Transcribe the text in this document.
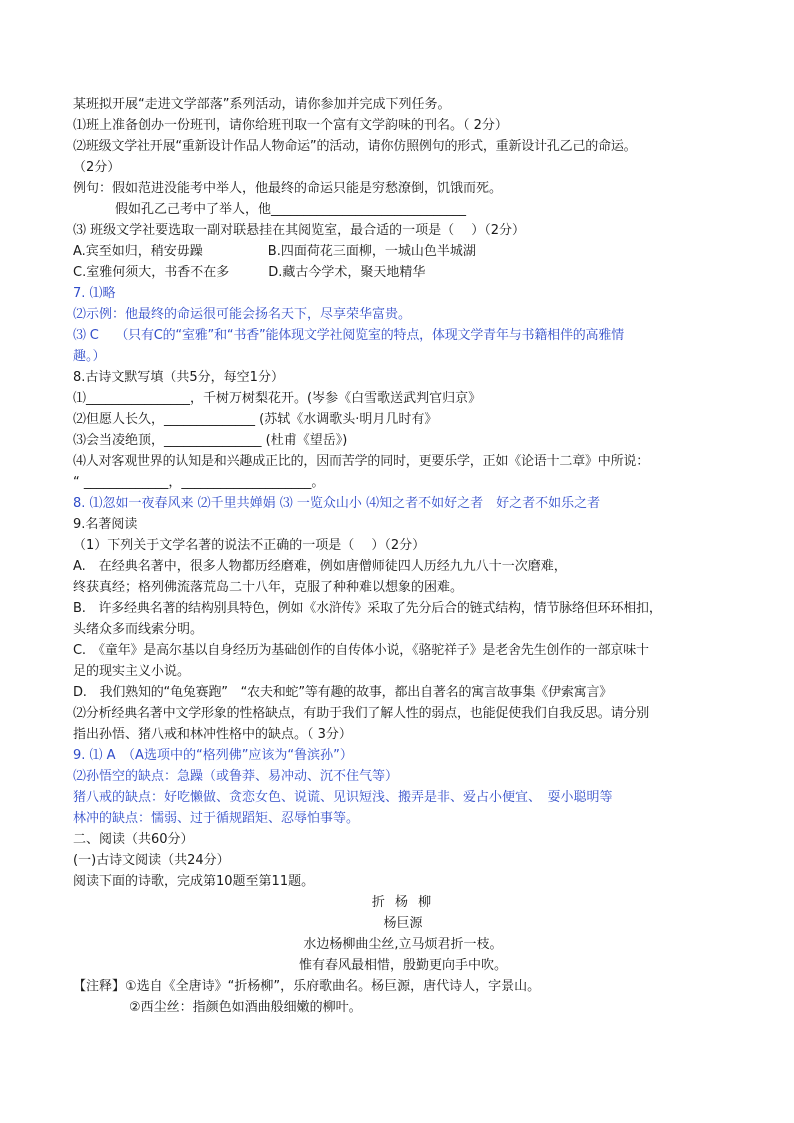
某班拟开展“走进文学部落”系列活动，请你参加并完成下列任务。
⑴班上准备创办一份班刊，请你给班刊取一个富有文学韵味的刊名。（ 2分）
⑵班级文学社开展“重新设计作品人物命运”的活动，请你仿照例句的形式，重新设计孔乙己的命运。
（2分）
例句：假如范进没能考中举人，他最终的命运只能是穷愁潦倒，饥饿而死。
假如孔乙己考中了举人，他______________________________
⑶ 班级文学社要选取一副对联悬挂在其阅览室，最合适的一项是（　 ）（2分）
A.宾至如归，稍安毋躁　　　　　B.四面荷花三面柳，一城山色半城湖
C.室雅何须大，书香不在多　　　D.藏古今学术，聚天地精华
7. ⑴略
⑵示例：他最终的命运很可能会扬名天下，尽享荣华富贵。
⑶ C　 （只有C的“室雅”和“书香”能体现文学社阅览室的特点，体现文学青年与书籍相伴的高雅情
趣。）
8.古诗文默写填（共5分，每空1分）
⑴________________，千树万树梨花开。(岑参《白雪歌送武判官归京》
⑵但愿人长久，______________ (苏轼《水调歌头·明月几时有》
⑶会当凌绝顶，_______________ (杜甫《望岳》)
⑷人对客观世界的认知是和兴趣成正比的，因而苦学的同时，更要乐学，正如《论语十二章》中所说：
“ _____________，____________________。
8. ⑴忽如一夜春风来 ⑵千里共婵娟 ⑶ 一览众山小 ⑷知之者不如好之者　好之者不如乐之者
9.名著阅读
（1）下列关于文学名著的说法不正确的一项是（　 ）（2分）
A.　在经典名著中，很多人物都历经磨难，例如唐僧师徒四人历经九九八十一次磨难，
终获真经；格列佛流落荒岛二十八年，克服了种种难以想象的困难。
B.　许多经典名著的结构别具特色，例如《水浒传》采取了先分后合的链式结构，情节脉络但环环相扣，
头绪众多而线索分明。
C.　《童年》是高尔基以自身经历为基础创作的自传体小说，《骆驼祥子》是老舍先生创作的一部京味十
足的现实主义小说。
D.　我们熟知的“龟兔赛跑”　“农夫和蛇”等有趣的故事，都出自著名的寓言故事集《伊索寓言》
⑵分析经典名著中文学形象的性格缺点，有助于我们了解人性的弱点，也能促使我们自我反思。请分别
指出孙悟、猪八戒和林冲性格中的缺点。（ 3分）
9. ⑴ A　（A选项中的“格列佛”应该为“鲁滨孙”）
⑵孙悟空的缺点：急躁（或鲁莽、易冲动、沉不住气等）
猪八戒的缺点：好吃懒做、贪恋女色、说谎、见识短浅、搬弄是非、爱占小便宜、　耍小聪明等
林冲的缺点：懦弱、过于循规蹈矩、忍辱怕事等。
二、阅读（共60分）
(一)古诗文阅读（共24分）
阅读下面的诗歌，完成第10题至第11题。
折 杨 柳
杨巨源
水边杨柳曲尘丝,立马烦君折一枝。
惟有春风最相惜，殷勤更向手中吹。
【注释】①选自《全唐诗》“折杨柳”，乐府歌曲名。杨巨源，唐代诗人，字景山。
②西尘丝：指颜色如酒曲般细嫩的柳叶。
